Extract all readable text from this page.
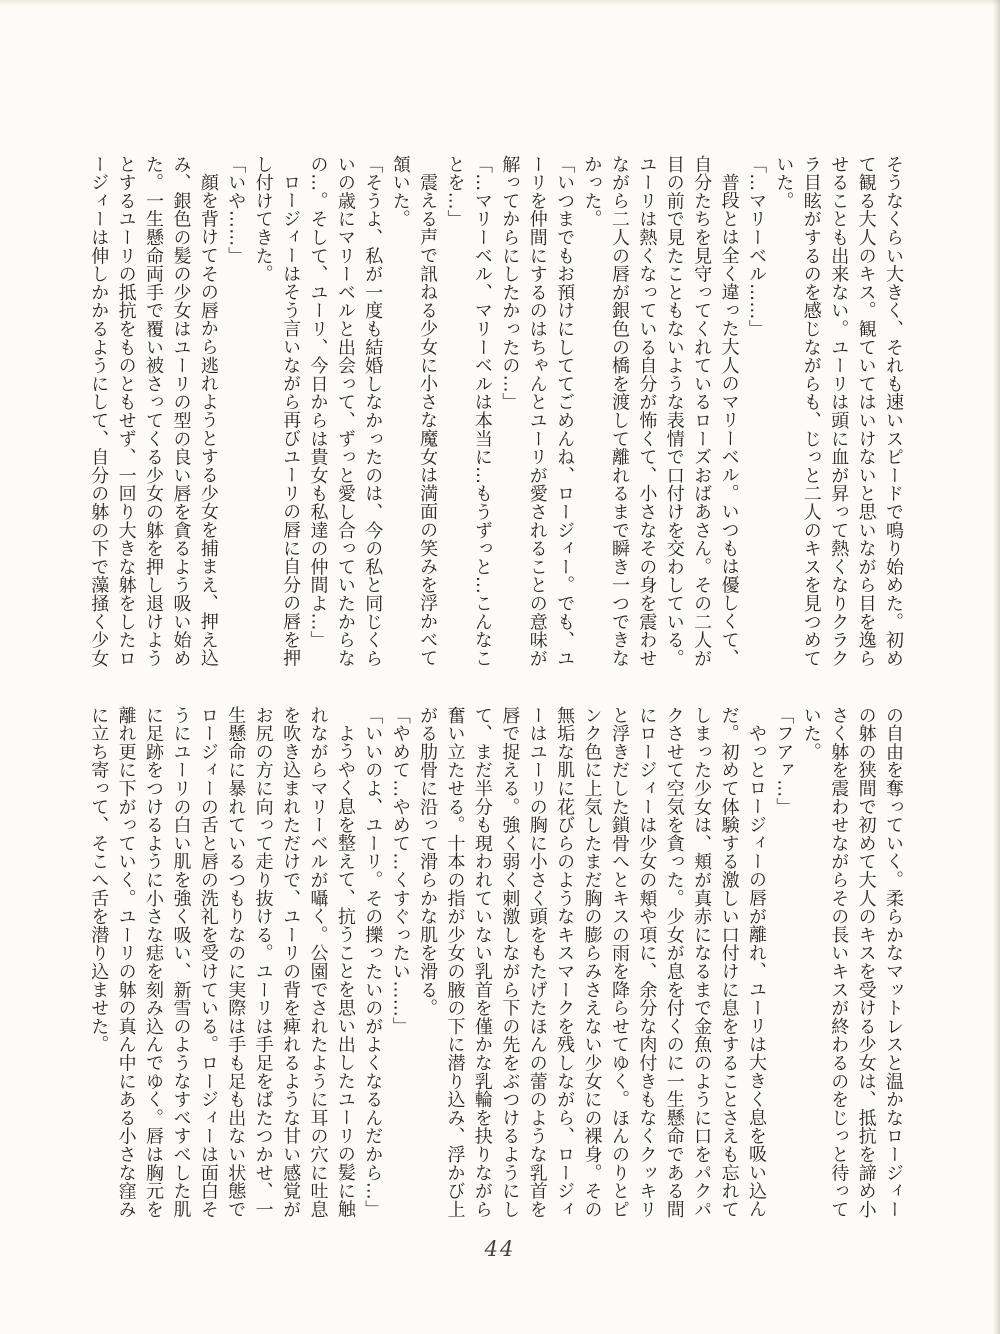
そうなくらい大きく、それも速いスピードで鳴り始めた。初めて観る大人のキス。観ていてはいけないと思いながら目を逸らせることも出来ない。ユーリは頭に血が昇って熱くなりクラクラ目眩がするのを感じながらも、じっと二人のキスを見つめていた。

「…マリーベル……」

普段とは全く違った大人のマリーベル。いつもは優しくて、自分たちを見守ってくれているローズおばあさん。その二人が目の前で見たこともないような表情で口付けを交わしている。ユーリは熱くなっている自分が怖くて、小さなその身を震わせながら二人の唇が銀色の橋を渡して離れるまで瞬き一つできなかった。

「いつまでもお預けにしててごめんね、ロージィー。でも、ユーリを仲間にするのはちゃんとユーリが愛されることの意味が解ってからにしたかったの…」

「…マリーベル、マリーベルは本当に…もうずっと…こんなことを…」

震える声で訊ねる少女に小さな魔女は満面の笑みを浮かべて頷いた。

「そうよ、私が一度も結婚しなかったのは、今の私と同じくらいの歳にマリーベルと出会って、ずっと愛し合っていたからなの…。そして、ユーリ、今日からは貴女も私達の仲間よ…」

ロージィーはそう言いながら再びユーリの唇に自分の唇を押し付けてきた。

「いや……」

顔を背けてその唇から逃れようとする少女を捕まえ、押え込み、銀色の髪の少女はユーリの型の良い唇を貪るよう吸い始めた。一生懸命両手で覆い被さってくる少女の躰を押し退けようとするユーリの抵抗をものともせず、一回り大きな躰をしたロージィーは伸しかかるようにして、自分の躰の下で藻掻く少女

の自由を奪っていく。柔らかなマットレスと温かなロージィーの躰の狭間で初めて大人のキスを受ける少女は、抵抗を諦め小さく躰を震わせながらその長いキスが終わるのをじっと待っていた。

「フアァ…」

やっとロージィーの唇が離れ、ユーリは大きく息を吸い込んだ。初めて体験する激しい口付けに息をすることさえも忘れてしまった少女は、頬が真赤になるまで金魚のように口をパクパクさせて空気を貪った。少女が息を付くのに一生懸命である間にロージィーは少女の頬や項に、余分な肉付きもなくクッキリと浮きだした鎖骨へとキスの雨を降らせてゆく。ほんのりとピンク色に上気したまだ胸の膨らみさえない少女にの裸身。その無垢な肌に花びらのようなキスマークを残しながら、ロージィーはユーリの胸に小さく頭をもたげたほんの蕾のような乳首を唇で捉える。強く弱く刺激しながら下の先をぶつけるようにして、まだ半分も現われていない乳首を僅かな乳輪を抉りながら奮い立たせる。十本の指が少女の腋の下に潜り込み、浮かび上がる肋骨に沿って滑らかな肌を滑る。

「やめて…やめて…くすぐったい……」

「いいのよ、ユーリ。その擽ったいのがよくなるんだから…」

ようやく息を整えて、抗うことを思い出したユーリの髪に触れながらマリーベルが囁く。公園でされたように耳の穴に吐息を吹き込まれただけで、ユーリの背を痺れるような甘い感覚がお尻の方に向って走り抜ける。ユーリは手足をばたつかせ、一生懸命に暴れているつもりなのに実際は手も足も出ない状態でロージィーの舌と唇の洗礼を受けている。ロージィーは面白そうにユーリの白い肌を強く吸い、新雪のようなすべすべした肌に足跡をつけるように小さな痣を刻み込んでゆく。唇は胸元を離れ更に下がっていく。ユーリの躰の真ん中にある小さな窪みに立ち寄って、そこへ舌を潜り込ませた。

44
